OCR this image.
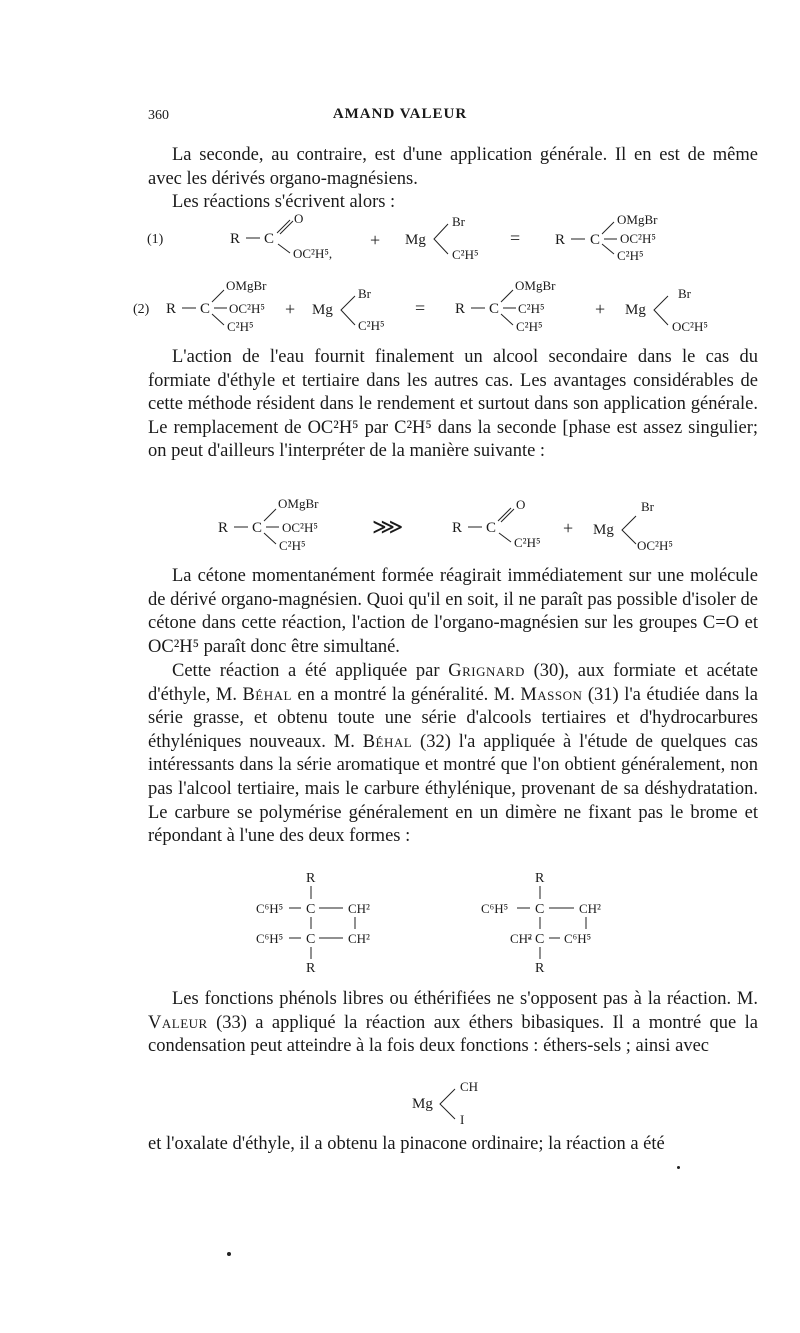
360	AMAND VALEUR

La seconde, au contraire, est d'une application générale. Il en est de même avec les dérivés organo-magnésiens.

Les réactions s'écrivent alors :

(1)	R C
O
OC²H⁵,
+ Mg
Br
C²H⁵
= R C
OMgBr
OC²H⁵
C²H⁵
(2) R C
OMgBr
OC²H⁵
C²H⁵
+ Mg
Br
C²H⁵
= R C
OMgBr
C²H⁵
C²H⁵
+ Mg
Br
OC²H⁵

L'action de l'eau fournit finalement un alcool secondaire dans le cas du formiate d'éthyle et tertiaire dans les autres cas. Les avantages considérables de cette méthode résident dans le rendement et surtout dans son application générale. Le remplacement de OC²H⁵ par C²H⁵ dans la seconde [phase est assez singulier; on peut d'ailleurs l'interpréter de la manière suivante :

R C
OMgBr
OC²H⁵
C²H⁵
⋙	R C
O
C²H⁵
+ Mg
Br
OC²H⁵

La cétone momentanément formée réagirait immédiatement sur une molécule de dérivé organo-magnésien. Quoi qu'il en soit, il ne paraît pas possible d'isoler de cétone dans cette réaction, l'action de l'organo-magnésien sur les groupes C=O et OC²H⁵ paraît donc être simultané.

Cette réaction a été appliquée par Grignard (30), aux formiate et acétate d'éthyle, M. Béhal en a montré la généralité. M. Masson (31) l'a étudiée dans la série grasse, et obtenu toute une série d'alcools tertiaires et d'hydrocarbures éthyléniques nouveaux. M. Béhal (32) l'a appliquée à l'étude de quelques cas intéressants dans la série aromatique et montré que l'on obtient généralement, non pas l'alcool tertiaire, mais le carbure éthylénique, provenant de sa déshydratation. Le carbure se polymérise généralement en un dimère ne fixant pas le brome et répondant à l'une des deux formes :

R
C⁶H⁵ C	CH²
C⁶H⁵ C	CH²
R
R
C⁶H⁵ C	CH²
CH² C C⁶H⁵
R

Les fonctions phénols libres ou éthérifiées ne s'opposent pas à la réaction. M. Valeur (33) a appliqué la réaction aux éthers bibasiques. Il a montré que la condensation peut atteindre à la fois deux fonctions : éthers-sels ; ainsi avec

Mg
CH
I

et l'oxalate d'éthyle, il a obtenu la pinacone ordinaire; la réaction a été
